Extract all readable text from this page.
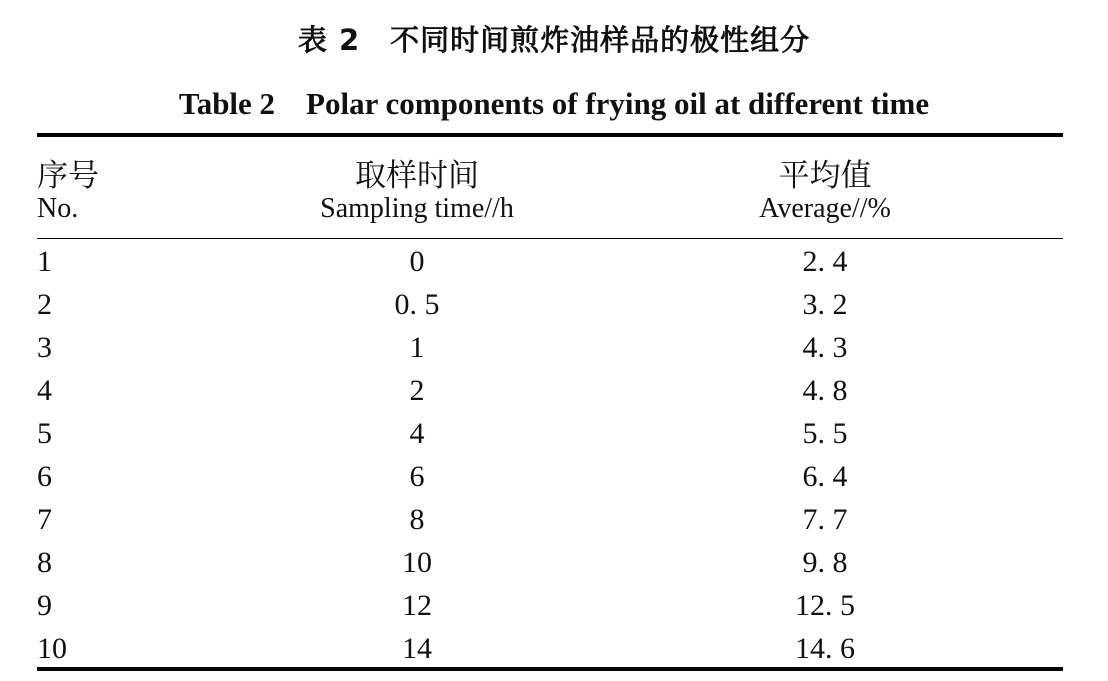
表 2　不同时间煎炸油样品的极性组分
Table 2　Polar components of frying oil at different time
序号	取样时间	平均值
No.	Sampling time//h	Average//%
1	0	2. 4
2	0. 5	3. 2
3	1	4. 3
4	2	4. 8
5	4	5. 5
6	6	6. 4
7	8	7. 7
8	10	9. 8
9	12	12. 5
10	14	14. 6
